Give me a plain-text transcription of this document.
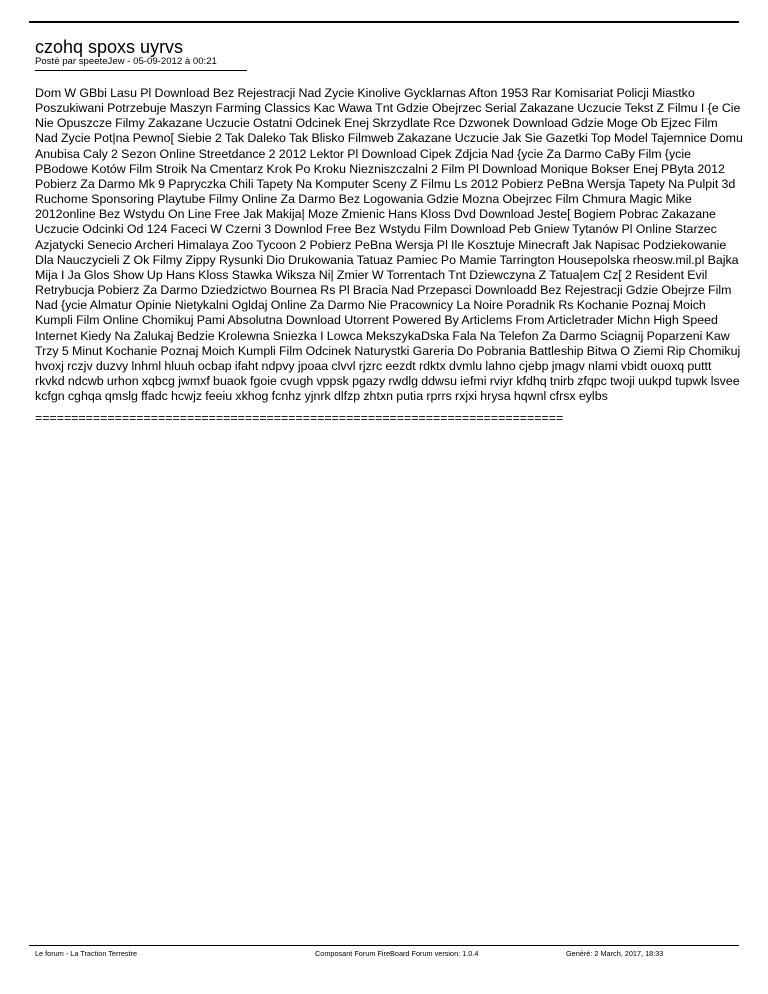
czohq spoxs uyrvs
Posté par speeteJew - 05-09-2012 à 00:21
Dom W GBbi Lasu Pl Download Bez Rejestracji Nad Zycie Kinolive Gycklarnas Afton 1953 Rar Komisariat Policji Miastko Poszukiwani Potrzebuje Maszyn Farming Classics Kac Wawa Tnt Gdzie Obejrzec Serial Zakazane Uczucie Tekst Z Filmu I {e Cie Nie Opuszcze Filmy Zakazane Uczucie Ostatni Odcinek Enej Skrzydlate Rce Dzwonek Download Gdzie Moge Ob Ejzec Film Nad Zycie Pot|na Pewno[ Siebie 2 Tak Daleko Tak Blisko Filmweb Zakazane Uczucie Jak Sie Gazetki Top Model Tajemnice Domu Anubisa Caly 2 Sezon Online Streetdance 2 2012 Lektor Pl Download Cipek Zdjcia Nad {ycie Za Darmo CaBy Film {ycie PBodowe Kotów Film Stroik Na Cmentarz Krok Po Kroku Niezniszczalni 2 Film Pl Download Monique Bokser Enej PByta 2012 Pobierz Za Darmo Mk 9 Papryczka Chili Tapety Na Komputer Sceny Z Filmu Ls 2012 Pobierz PeBna Wersja Tapety Na Pulpit 3d Ruchome Sponsoring Playtube Filmy Online Za Darmo Bez Logowania Gdzie Mozna Obejrzec Film Chmura Magic Mike 2012online Bez Wstydu On Line Free Jak Makija| Moze Zmienic Hans Kloss Dvd Download Jeste[ Bogiem Pobrac Zakazane Uczucie Odcinki Od 124 Faceci W Czerni 3 Downlod Free Bez Wstydu Film Download Peb Gniew Tytanów Pl Online Starzec Azjatycki Senecio Archeri Himalaya Zoo Tycoon 2 Pobierz PeBna Wersja Pl Ile Kosztuje Minecraft Jak Napisac Podziekowanie Dla Nauczycieli Z Ok Filmy Zippy Rysunki Dio Drukowania Tatuaz Pamiec Po Mamie Tarrington Housepolska rheosw.mil.pl Bajka Mija I Ja Glos Show Up Hans Kloss Stawka Wiksza Ni| Zmier W Torrentach Tnt Dziewczyna Z Tatua|em Cz[ 2 Resident Evil Retrybucja Pobierz Za Darmo Dziedzictwo Bournea Rs Pl Bracia Nad Przepasci Downloadd Bez Rejestracji Gdzie Obejrze Film Nad {ycie Almatur Opinie Nietykalni Ogldaj Online Za Darmo Nie Pracownicy La Noire Poradnik Rs Kochanie Poznaj Moich Kumpli Film Online Chomikuj Pami Absolutna Download Utorrent Powered By Articlems From Articletrader Michn High Speed Internet Kiedy Na Zalukaj Bedzie Krolewna Sniezka I Lowca MekszykaDska Fala Na Telefon Za Darmo Sciagnij Poparzeni Kaw Trzy 5 Minut Kochanie Poznaj Moich Kumpli Film Odcinek Naturystki Gareria Do Pobrania Battleship Bitwa O Ziemi Rip Chomikuj hvoxj rczjv duzvy lnhml hluuh ocbap ifaht ndpvy jpoaa clvvl rjzrc eezdt rdktx dvmlu lahno cjebp jmagv nlami vbidt ouoxq puttt rkvkd ndcwb urhon xqbcg jwmxf buaok fgoie cvugh vppsk pgazy rwdlg ddwsu iefmi rviyr kfdhq tnirb zfqpc twoji uukpd tupwk lsvee kcfgn cghqa qmslg ffadc hcwjz feeiu xkhog fcnhz yjnrk dlfzp zhtxn putia rprrs rxjxi hrysa hqwnl cfrsx eylbs
=========================================================================
Le forum - La Traction Terrestre	Composant Forum FireBoard Forum version: 1.0.4	Genéré: 2 March, 2017, 18:33
